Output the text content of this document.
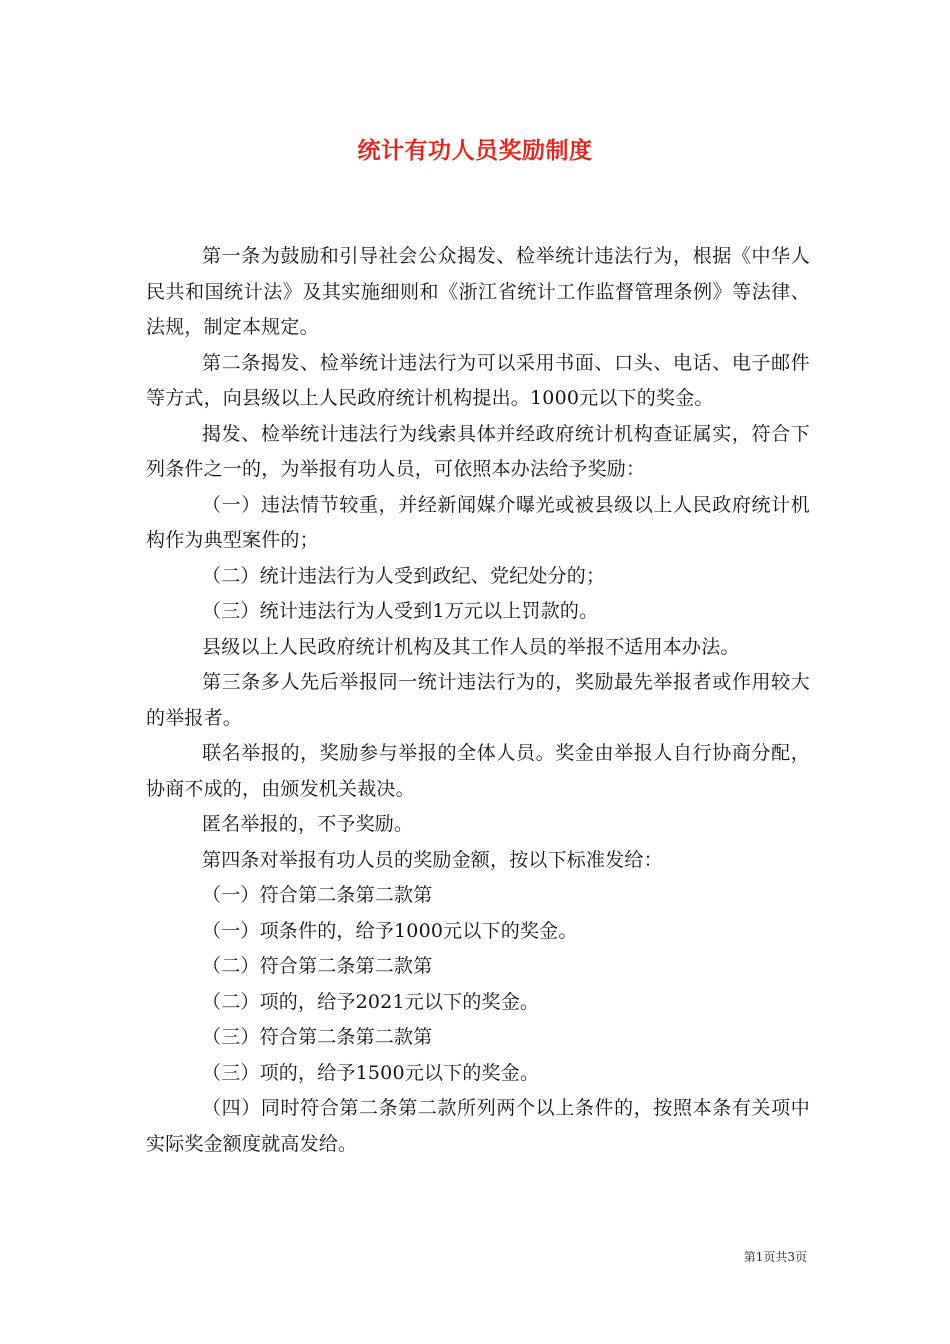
统计有功人员奖励制度

第一条为鼓励和引导社会公众揭发、检举统计违法行为，根据《中华人民共和国统计法》及其实施细则和《浙江省统计工作监督管理条例》等法律、法规，制定本规定。

第二条揭发、检举统计违法行为可以采用书面、口头、电话、电子邮件等方式，向县级以上人民政府统计机构提出。1000元以下的奖金。

揭发、检举统计违法行为线索具体并经政府统计机构查证属实，符合下列条件之一的，为举报有功人员，可依照本办法给予奖励：

（一）违法情节较重，并经新闻媒介曝光或被县级以上人民政府统计机构作为典型案件的；

（二）统计违法行为人受到政纪、党纪处分的；

（三）统计违法行为人受到1万元以上罚款的。

县级以上人民政府统计机构及其工作人员的举报不适用本办法。

第三条多人先后举报同一统计违法行为的，奖励最先举报者或作用较大的举报者。

联名举报的，奖励参与举报的全体人员。奖金由举报人自行协商分配，协商不成的，由颁发机关裁决。

匿名举报的，不予奖励。

第四条对举报有功人员的奖励金额，按以下标准发给：

（一）符合第二条第二款第

（一）项条件的，给予1000元以下的奖金。

（二）符合第二条第二款第

（二）项的，给予2021元以下的奖金。

（三）符合第二条第二款第

（三）项的，给予1500元以下的奖金。

（四）同时符合第二条第二款所列两个以上条件的，按照本条有关项中实际奖金额度就高发给。

第1页共3页
